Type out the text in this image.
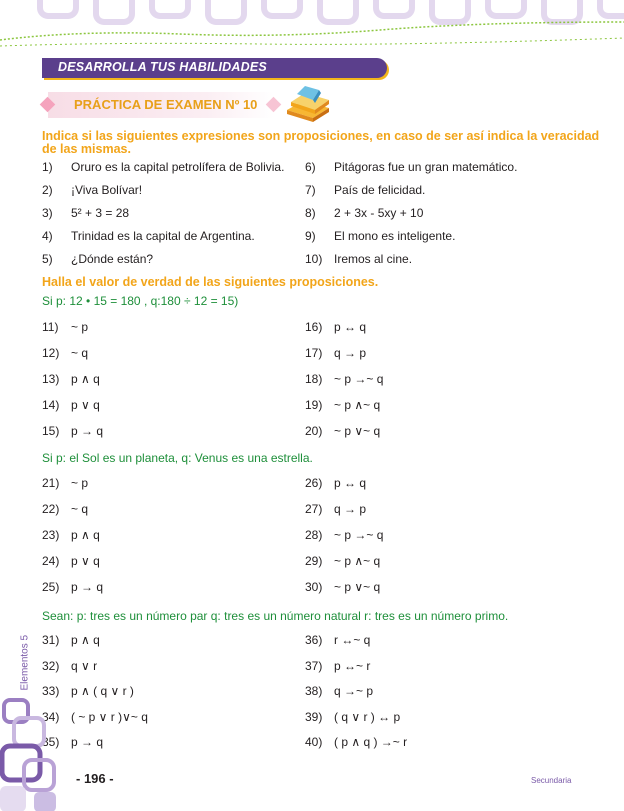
DESARROLLA TUS HABILIDADES
PRÁCTICA DE EXAMEN Nº 10
Indica si las siguientes expresiones son proposiciones, en caso de ser así indica la veracidad de las mismas.
1)	Oruro es la capital petrolífera de Bolivia.
2)	¡Viva Bolívar!
3)	5² + 3 = 28
4)	Trinidad es la capital de Argentina.
5)	¿Dónde están?
6)	Pitágoras fue un gran matemático.
7)	País de felicidad.
8)	2 + 3x - 5xy + 10
9)	El mono es inteligente.
10) Iremos al cine.
Halla el valor de verdad de las siguientes proposiciones.
Si p: 12 • 15 = 180 , q:180 ÷ 12 = 15)
11)	~ p
12) ~ q
13) p ∧ q
14) p ∨ q
15) p → q
16) p ↔ q
17) q → p
18) ~ p →~ q
19) ~ p ∧~ q
20) ~ p ∨~ q
Si p: el Sol es un planeta, q: Venus es una estrella.
21) ~ p
22) ~ q
23) p ∧ q
24) p ∨ q
25) p → q
26) p ↔ q
27) q → p
28) ~ p →~ q
29) ~ p ∧~ q
30) ~ p ∨~ q
Sean: p: tres es un número par q: tres es un número natural r: tres es un número primo.
31) p ∧ q
32) q ∨ r
33) p ∧ ( q ∨ r )
34) ( ~ p ∨ r )∨~ q
35) p → q
36) r ↔~ q
37) p ↔~ r
38) q →~ p
39) ( q ∨ r ) ↔ p
40) ( p ∧ q ) →~ r
Elementos 5
- 196 -	Secundaria
